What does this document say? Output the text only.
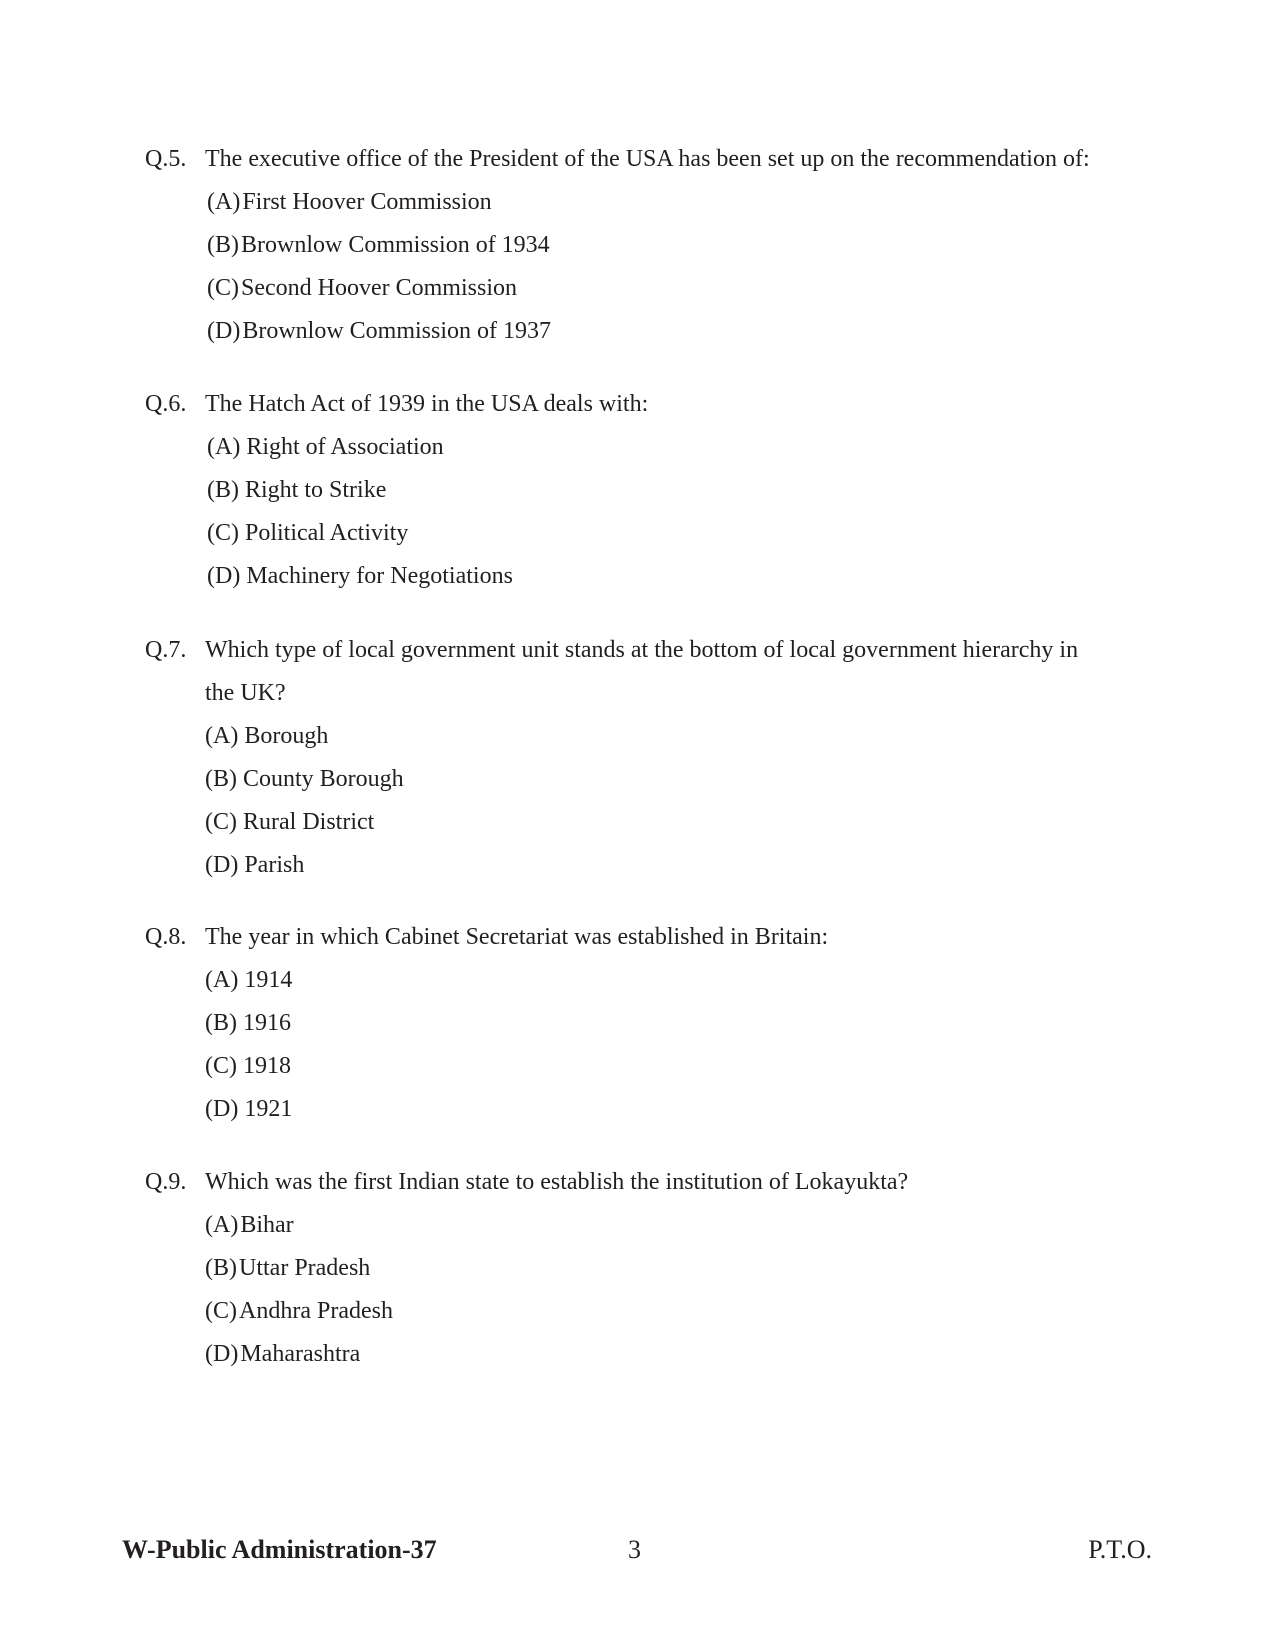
Q.5. The executive office of the President of the USA has been set up on the recommendation of:
(A) First Hoover Commission
(B) Brownlow Commission of 1934
(C) Second Hoover Commission
(D) Brownlow Commission of 1937
Q.6. The Hatch Act of 1939 in the USA deals with:
(A) Right of Association
(B) Right to Strike
(C) Political Activity
(D) Machinery for Negotiations
Q.7. Which type of local government unit stands at the bottom of local government hierarchy in
the UK?
(A) Borough
(B) County Borough
(C) Rural District
(D) Parish
Q.8. The year in which Cabinet Secretariat was established in Britain:
(A) 1914
(B) 1916
(C) 1918
(D) 1921
Q.9. Which was the first Indian state to establish the institution of Lokayukta?
(A) Bihar
(B) Uttar Pradesh
(C) Andhra Pradesh
(D) Maharashtra
W-Public Administration-37	3	P.T.O.
